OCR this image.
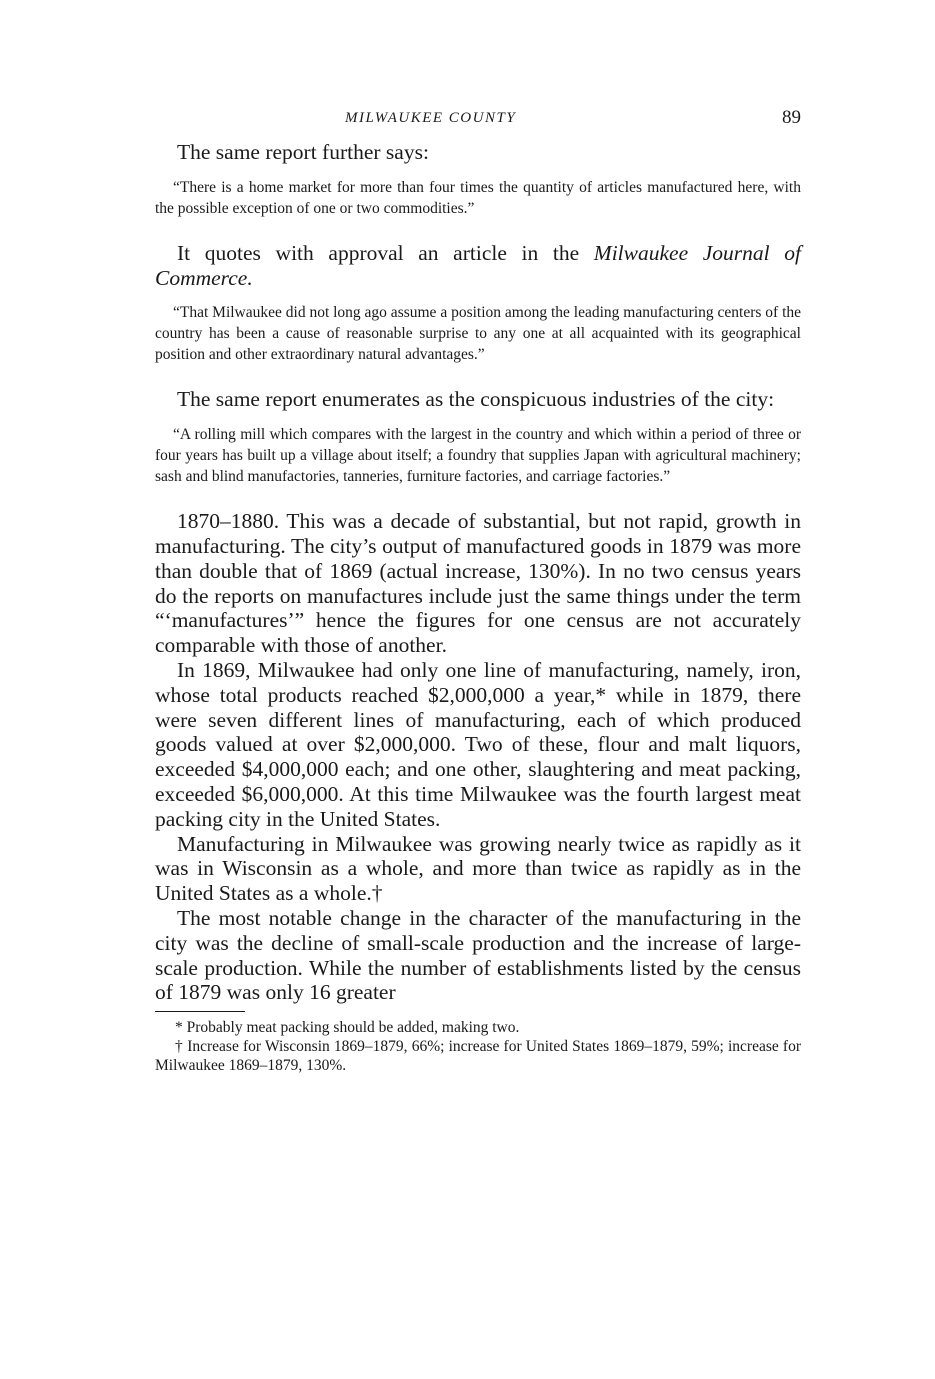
MILWAUKEE COUNTY	89

The same report further says:

“There is a home market for more than four times the quantity of articles manufactured here, with the possible exception of one or two commodities.”

It quotes with approval an article in the Milwaukee Journal of Commerce.

“That Milwaukee did not long ago assume a position among the leading manufacturing centers of the country has been a cause of reasonable surprise to any one at all acquainted with its geographical position and other extraordinary natural advantages.”

The same report enumerates as the conspicuous industries of the city:

“A rolling mill which compares with the largest in the country and which within a period of three or four years has built up a village about itself; a foundry that supplies Japan with agricultural machinery; sash and blind manufactories, tanneries, furniture factories, and carriage factories.”

1870–1880. This was a decade of substantial, but not rapid, growth in manufacturing. The city’s output of manufactured goods in 1879 was more than double that of 1869 (actual increase, 130%). In no two census years do the reports on manufactures include just the same things under the term “‘manufactures’” hence the figures for one census are not accurately comparable with those of another.

In 1869, Milwaukee had only one line of manufacturing, namely, iron, whose total products reached $2,000,000 a year,* while in 1879, there were seven different lines of manufacturing, each of which produced goods valued at over $2,000,000. Two of these, flour and malt liquors, exceeded $4,000,000 each; and one other, slaughtering and meat packing, exceeded $6,000,000. At this time Milwaukee was the fourth largest meat packing city in the United States.

Manufacturing in Milwaukee was growing nearly twice as rapidly as it was in Wisconsin as a whole, and more than twice as rapidly as in the United States as a whole.†

The most notable change in the character of the manufacturing in the city was the decline of small-scale production and the increase of large-scale production. While the number of establishments listed by the census of 1879 was only 16 greater

* Probably meat packing should be added, making two.

† Increase for Wisconsin 1869–1879, 66%; increase for United States 1869–1879, 59%; increase for Milwaukee 1869–1879, 130%.
